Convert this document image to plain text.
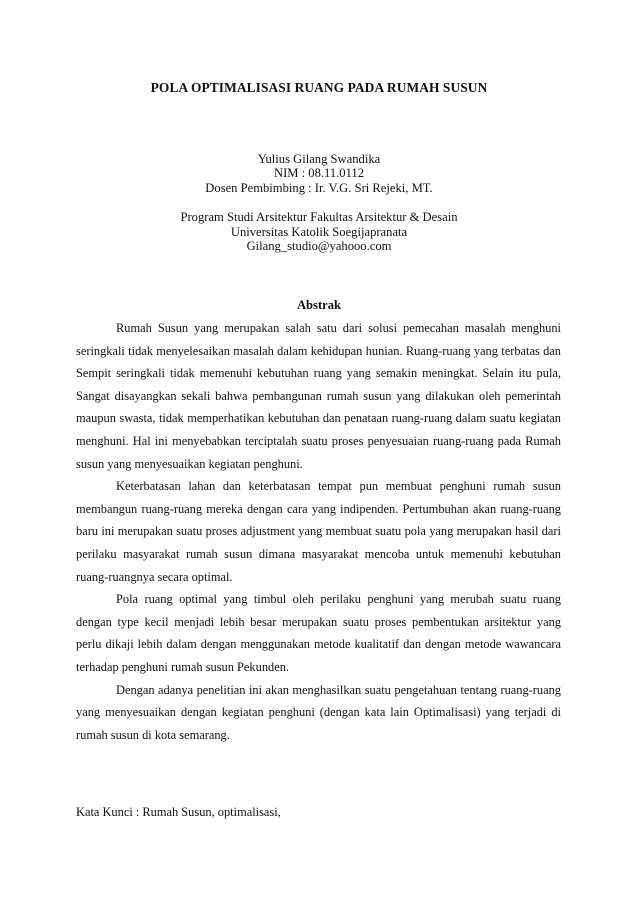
POLA OPTIMALISASI RUANG PADA RUMAH SUSUN
Yulius Gilang Swandika
NIM : 08.11.0112
Dosen Pembimbing : Ir. V.G. Sri Rejeki, MT.
Program Studi Arsitektur Fakultas Arsitektur & Desain
Universitas Katolik Soegijapranata
Gilang_studio@yahooo.com
Abstrak

Rumah Susun yang merupakan salah satu dari solusi pemecahan masalah menghuni seringkali tidak menyelesaikan masalah dalam kehidupan hunian. Ruang-ruang yang terbatas dan Sempit seringkali tidak memenuhi kebutuhan ruang yang semakin meningkat. Selain itu pula, Sangat disayangkan sekali bahwa pembangunan rumah susun yang dilakukan oleh pemerintah maupun swasta, tidak memperhatikan kebutuhan dan penataan ruang-ruang dalam suatu kegiatan menghuni. Hal ini menyebabkan terciptalah suatu proses penyesuaian ruang-ruang pada Rumah susun yang menyesuaikan kegiatan penghuni.

Keterbatasan lahan dan keterbatasan tempat pun membuat penghuni rumah susun membangun ruang-ruang mereka dengan cara yang indipenden. Pertumbuhan akan ruang-ruang baru ini merupakan suatu proses adjustment yang membuat suatu pola yang merupakan hasil dari perilaku masyarakat rumah susun dimana masyarakat mencoba untuk memenuhi kebutuhan ruang-ruangnya secara optimal.

Pola ruang optimal yang timbul oleh perilaku penghuni yang merubah suatu ruang dengan type kecil menjadi lebih besar merupakan suatu proses pembentukan arsitektur yang perlu dikaji lebih dalam dengan menggunakan metode kualitatif dan dengan metode wawancara terhadap penghuni rumah susun Pekunden.

Dengan adanya penelitian ini akan menghasilkan suatu pengetahuan tentang ruang-ruang yang menyesuaikan dengan kegiatan penghuni (dengan kata lain Optimalisasi) yang terjadi di rumah susun di kota semarang.

Kata Kunci : Rumah Susun, optimalisasi,
